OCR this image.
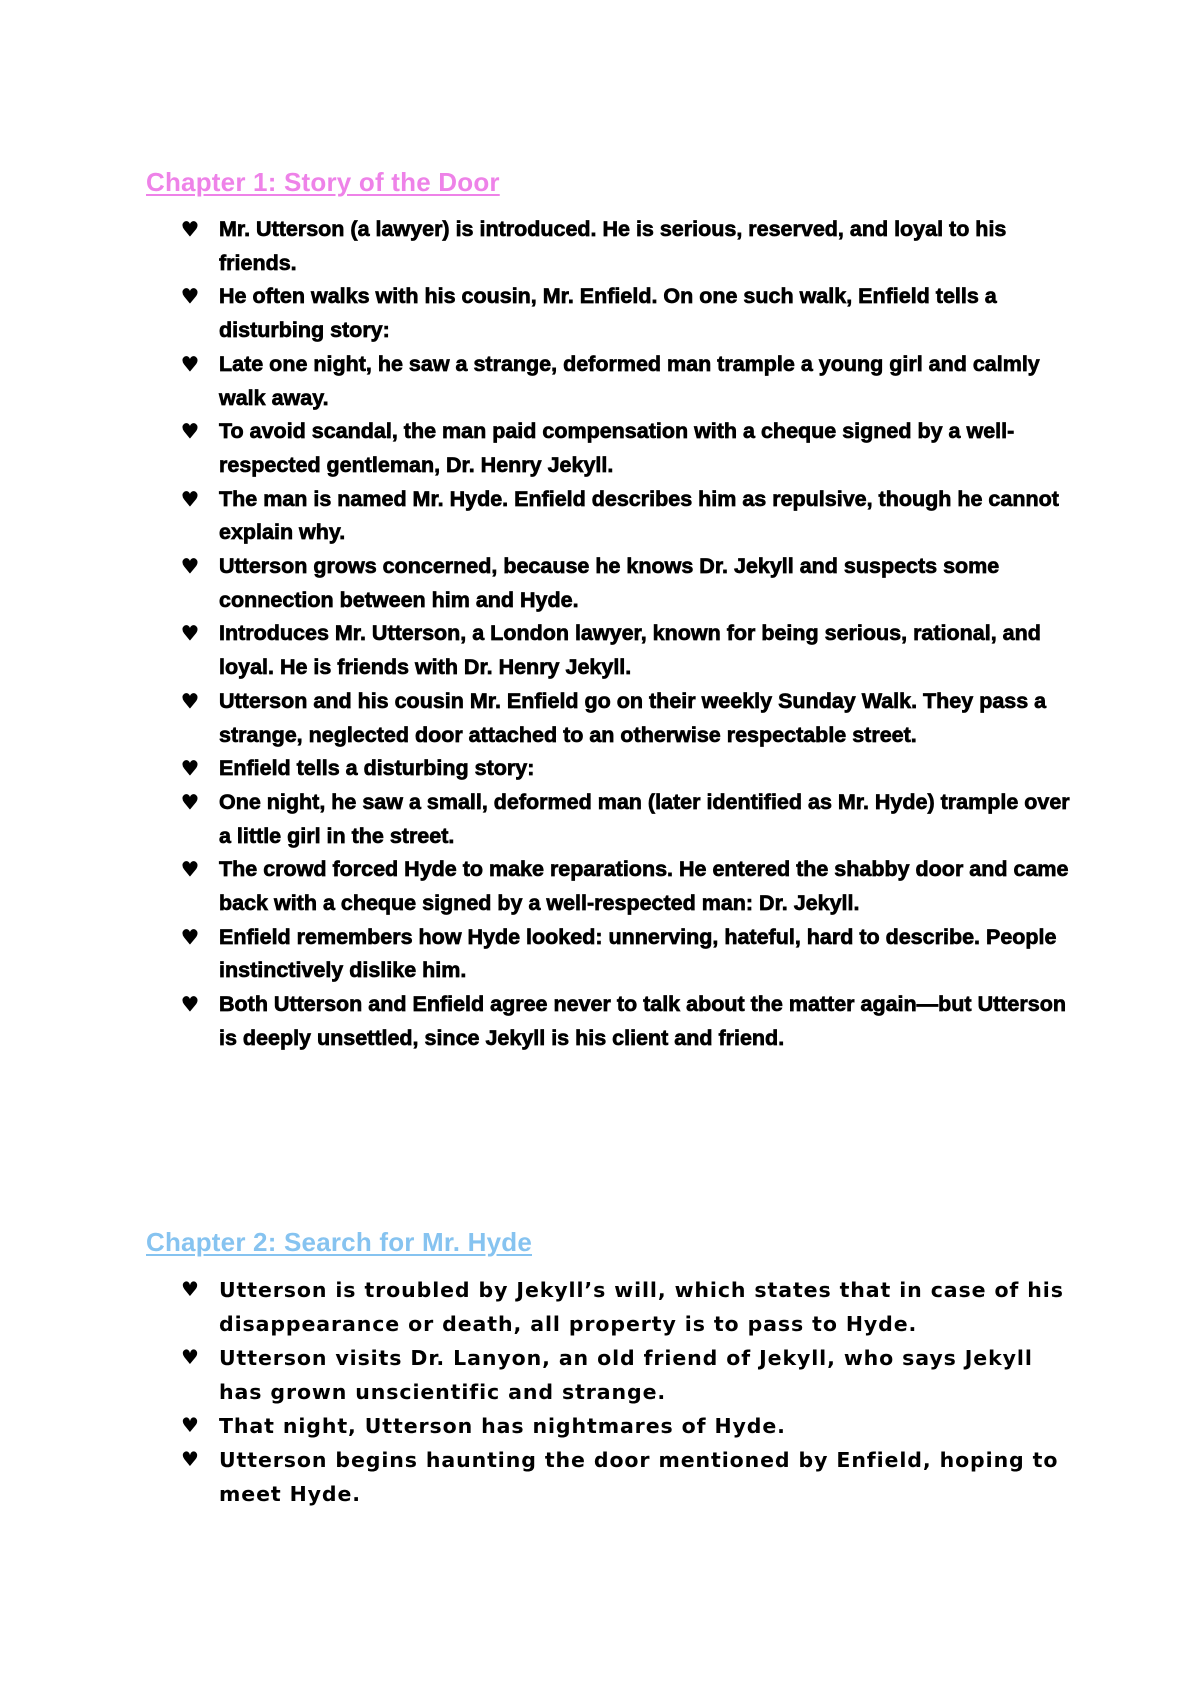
Chapter 1: Story of the Door
♥ Mr. Utterson (a lawyer) is introduced. He is serious, reserved, and loyal to his friends.
♥ He often walks with his cousin, Mr. Enfield. On one such walk, Enfield tells a disturbing story:
♥ Late one night, he saw a strange, deformed man trample a young girl and calmly walk away.
♥ To avoid scandal, the man paid compensation with a cheque signed by a well-respected gentleman, Dr. Henry Jekyll.
♥ The man is named Mr. Hyde. Enfield describes him as repulsive, though he cannot explain why.
♥ Utterson grows concerned, because he knows Dr. Jekyll and suspects some connection between him and Hyde.
♥ Introduces Mr. Utterson, a London lawyer, known for being serious, rational, and loyal. He is friends with Dr. Henry Jekyll.
♥ Utterson and his cousin Mr. Enfield go on their weekly Sunday Walk. They pass a strange, neglected door attached to an otherwise respectable street.
♥ Enfield tells a disturbing story:
♥ One night, he saw a small, deformed man (later identified as Mr. Hyde) trample over a little girl in the street.
♥ The crowd forced Hyde to make reparations. He entered the shabby door and came back with a cheque signed by a well-respected man: Dr. Jekyll.
♥ Enfield remembers how Hyde looked: unnerving, hateful, hard to describe. People instinctively dislike him.
♥ Both Utterson and Enfield agree never to talk about the matter again—but Utterson is deeply unsettled, since Jekyll is his client and friend.
Chapter 2: Search for Mr. Hyde
♥ Utterson is troubled by Jekyll’s will, which states that in case of his disappearance or death, all property is to pass to Hyde.
♥ Utterson visits Dr. Lanyon, an old friend of Jekyll, who says Jekyll has grown unscientific and strange.
♥ That night, Utterson has nightmares of Hyde.
♥ Utterson begins haunting the door mentioned by Enfield, hoping to meet Hyde.
